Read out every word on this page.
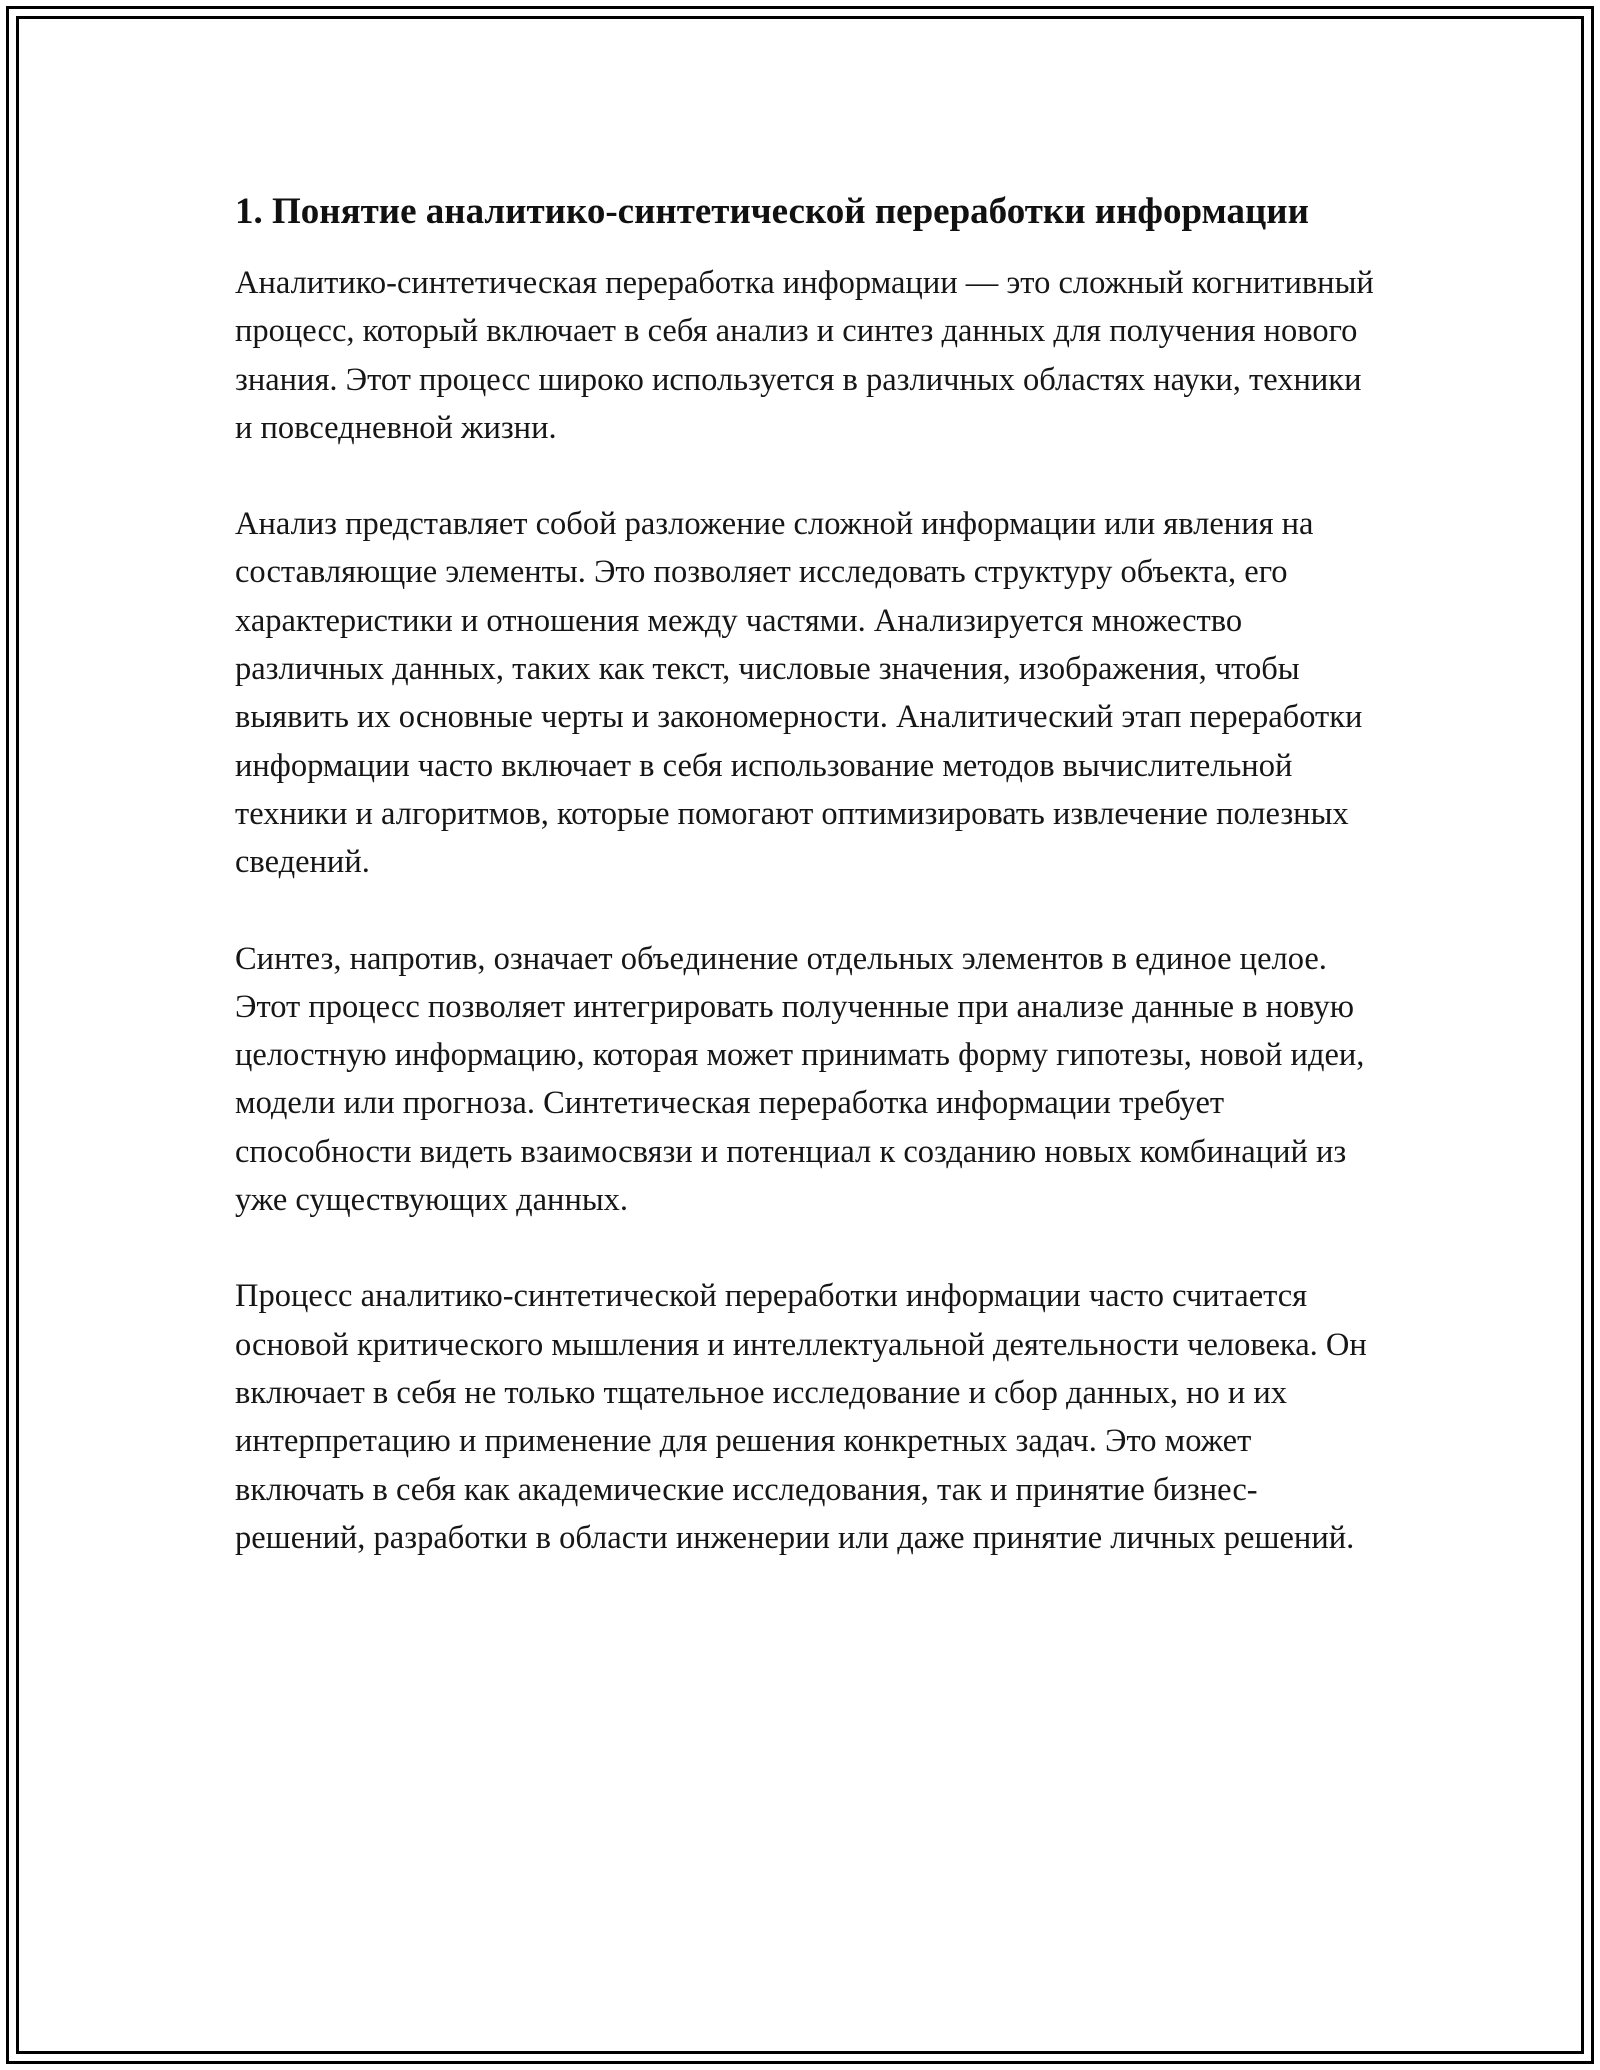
1. Понятие аналитико-синтетической переработки информации

Аналитико-синтетическая переработка информации — это сложный когнитивный процесс, который включает в себя анализ и синтез данных для получения нового знания. Этот процесс широко используется в различных областях науки, техники и повседневной жизни.

Анализ представляет собой разложение сложной информации или явления на составляющие элементы. Это позволяет исследовать структуру объекта, его характеристики и отношения между частями. Анализируется множество различных данных, таких как текст, числовые значения, изображения, чтобы выявить их основные черты и закономерности. Аналитический этап переработки информации часто включает в себя использование методов вычислительной техники и алгоритмов, которые помогают оптимизировать извлечение полезных сведений.

Синтез, напротив, означает объединение отдельных элементов в единое целое. Этот процесс позволяет интегрировать полученные при анализе данные в новую целостную информацию, которая может принимать форму гипотезы, новой идеи, модели или прогноза. Синтетическая переработка информации требует способности видеть взаимосвязи и потенциал к созданию новых комбинаций из уже существующих данных.

Процесс аналитико-синтетической переработки информации часто считается основой критического мышления и интеллектуальной деятельности человека. Он включает в себя не только тщательное исследование и сбор данных, но и их интерпретацию и применение для решения конкретных задач. Это может включать в себя как академические исследования, так и принятие бизнес-решений, разработки в области инженерии или даже принятие личных решений.
